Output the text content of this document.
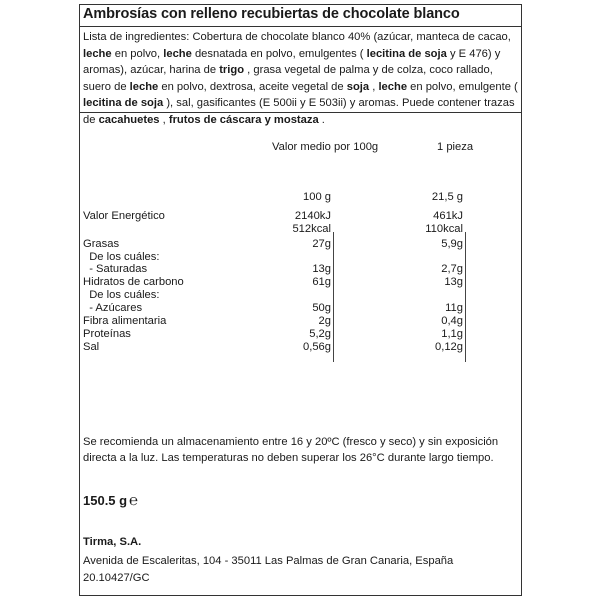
Ambrosías con relleno recubiertas de chocolate blanco
Lista de ingredientes: Cobertura de chocolate blanco 40% (azúcar, manteca de cacao, leche en polvo, leche desnatada en polvo, emulgentes ( lecitina de soja y E 476) y aromas), azúcar, harina de trigo , grasa vegetal de palma y de colza, coco rallado, suero de leche en polvo, dextrosa, aceite vegetal de soja , leche en polvo, emulgente ( lecitina de soja ), sal, gasificantes (E 500ii y E 503ii) y aromas. Puede contener trazas de cacahuetes , frutos de cáscara y mostaza .
Valor medio por 100g	1 pieza
100 g	21,5 g
Valor Energético	2140kJ	461kJ
512kcal	110kcal
Grasas	27g	5,9g
De los cuáles:
- Saturadas	13g	2,7g
Hidratos de carbono	61g	13g
De los cuáles:
- Azúcares	50g	11g
Fibra alimentaria	2g	0,4g
Proteínas	5,2g	1,1g
Sal	0,56g	0,12g
Se recomienda un almacenamiento entre 16 y 20ºC (fresco y seco) y sin exposición directa a la luz. Las temperaturas no deben superar los 26°C durante largo tiempo.
150.5 g ℮
Tirma, S.A.
Avenida de Escaleritas, 104 - 35011 Las Palmas de Gran Canaria, España
20.10427/GC
